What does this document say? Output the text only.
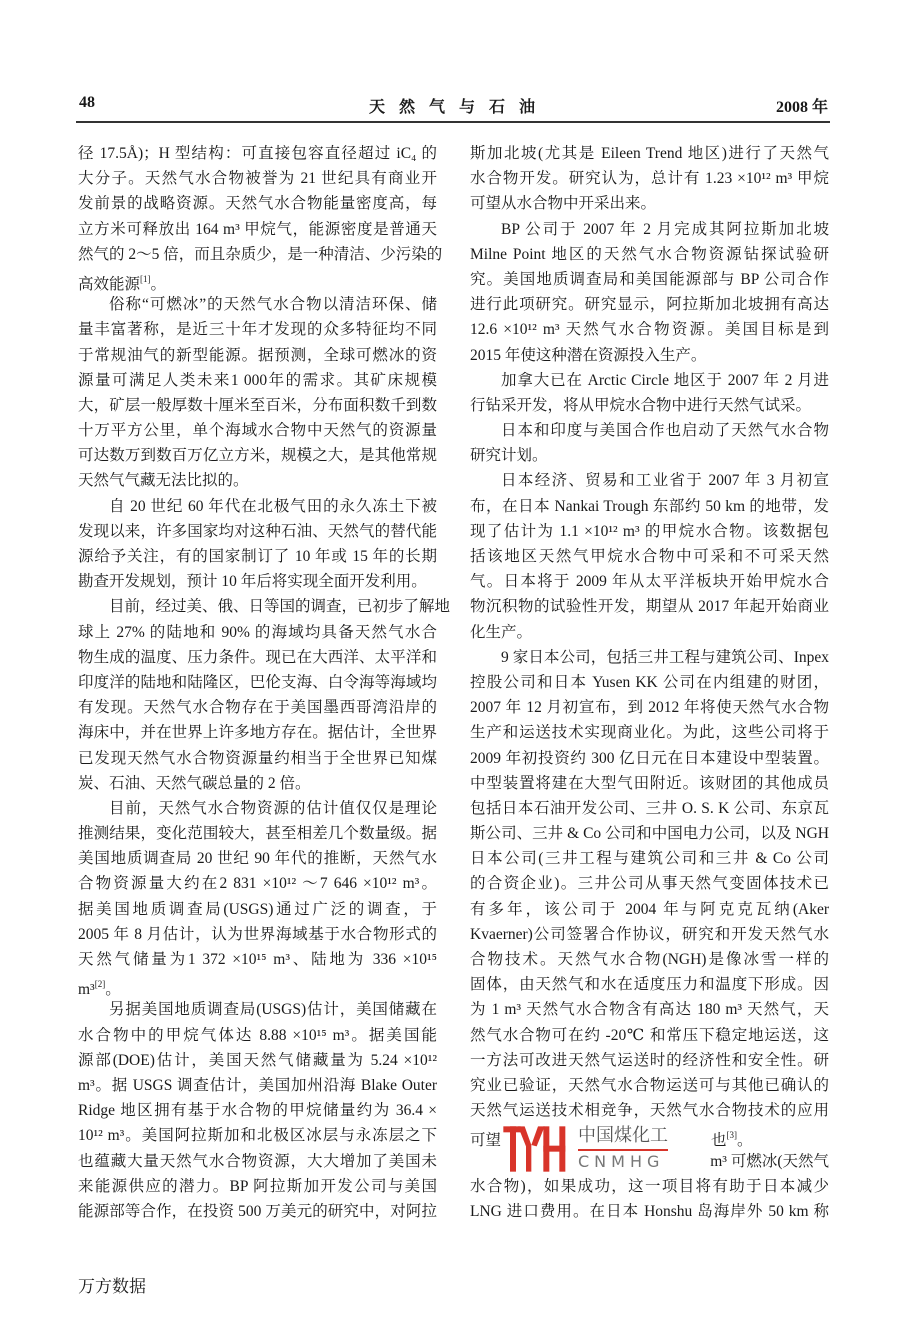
48	天然气与石油	2008 年
径 17.5Å)；H 型结构：可直接包容直径超过 iC₄ 的
大分子。天然气水合物被誉为 21 世纪具有商业开
发前景的战略资源。天然气水合物能量密度高，每
立方米可释放出 164 m³ 甲烷气，能源密度是普通天
然气的 2～5 倍，而且杂质少，是一种清洁、少污染的
高效能源[1]。
俗称“可燃冰”的天然气水合物以清洁环保、储
量丰富著称，是近三十年才发现的众多特征均不同
于常规油气的新型能源。据预测，全球可燃冰的资
源量可满足人类未来1 000年的需求。其矿床规模
大，矿层一般厚数十厘米至百米，分布面积数千到数
十万平方公里，单个海域水合物中天然气的资源量
可达数万到数百万亿立方米，规模之大，是其他常规
天然气气藏无法比拟的。
自 20 世纪 60 年代在北极气田的永久冻土下被
发现以来，许多国家均对这种石油、天然气的替代能
源给予关注，有的国家制订了 10 年或 15 年的长期
勘查开发规划，预计 10 年后将实现全面开发利用。
目前，经过美、俄、日等国的调查，已初步了解地
球上 27% 的陆地和 90% 的海域均具备天然气水合
物生成的温度、压力条件。现已在大西洋、太平洋和
印度洋的陆地和陆隆区，巴伦支海、白令海等海域均
有发现。天然气水合物存在于美国墨西哥湾沿岸的
海床中，并在世界上许多地方存在。据估计，全世界
已发现天然气水合物资源量约相当于全世界已知煤
炭、石油、天然气碳总量的 2 倍。
目前，天然气水合物资源的估计值仅仅是理论
推测结果，变化范围较大，甚至相差几个数量级。据
美国地质调查局 20 世纪 90 年代的推断，天然气水
合物资源量大约在2 831 ×10¹² ～7 646 ×10¹² m³。
据美国地质调查局(USGS)通过广泛的调查，于
2005 年 8 月估计，认为世界海域基于水合物形式的
天然气储量为1 372 ×10¹⁵ m³、陆地为 336 ×10¹⁵
m³[2]。
另据美国地质调查局(USGS)估计，美国储藏在
水合物中的甲烷气体达 8.88 ×10¹⁵ m³。据美国能
源部(DOE)估计，美国天然气储藏量为 5.24 ×10¹²
m³。据 USGS 调查估计，美国加州沿海 Blake Outer
Ridge 地区拥有基于水合物的甲烷储量约为 36.4 ×
10¹² m³。美国阿拉斯加和北极区冰层与永冻层之下
也蕴藏大量天然气水合物资源，大大增加了美国未
来能源供应的潜力。BP 阿拉斯加开发公司与美国
能源部等合作，在投资 500 万美元的研究中，对阿拉
斯加北坡(尤其是 Eileen Trend 地区)进行了天然气
水合物开发。研究认为，总计有 1.23 ×10¹² m³ 甲烷
可望从水合物中开采出来。
BP 公司于 2007 年 2 月完成其阿拉斯加北坡
Milne Point 地区的天然气水合物资源钻探试验研
究。美国地质调查局和美国能源部与 BP 公司合作
进行此项研究。研究显示，阿拉斯加北坡拥有高达
12.6 ×10¹² m³ 天然气水合物资源。美国目标是到
2015 年使这种潜在资源投入生产。
加拿大已在 Arctic Circle 地区于 2007 年 2 月进
行钻采开发，将从甲烷水合物中进行天然气试采。
日本和印度与美国合作也启动了天然气水合物
研究计划。
日本经济、贸易和工业省于 2007 年 3 月初宣
布，在日本 Nankai Trough 东部约 50 km 的地带，发
现了估计为 1.1 ×10¹² m³ 的甲烷水合物。该数据包
括该地区天然气甲烷水合物中可采和不可采天然
气。日本将于 2009 年从太平洋板块开始甲烷水合
物沉积物的试验性开发，期望从 2017 年起开始商业
化生产。
9 家日本公司，包括三井工程与建筑公司、Inpex
控股公司和日本 Yusen KK 公司在内组建的财团，
2007 年 12 月初宣布，到 2012 年将使天然气水合物
生产和运送技术实现商业化。为此，这些公司将于
2009 年初投资约 300 亿日元在日本建设中型装置。
中型装置将建在大型气田附近。该财团的其他成员
包括日本石油开发公司、三井 O. S. K 公司、东京瓦
斯公司、三井 & Co 公司和中国电力公司，以及 NGH
日本公司(三井工程与建筑公司和三井 & Co 公司
的合资企业)。三井公司从事天然气变固体技术已
有多年，该公司于 2004 年与阿克克瓦纳(Aker
Kvaerner)公司签署合作协议，研究和开发天然气水
合物技术。天然气水合物(NGH)是像冰雪一样的
固体，由天然气和水在适度压力和温度下形成。因
为 1 m³ 天然气水合物含有高达 180 m³ 天然气，天
然气水合物可在约 -20℃ 和常压下稳定地运送，这
一方法可改进天然气运送时的经济性和安全性。研
究业已验证，天然气水合物运送可与其他已确认的
天然气运送技术相竞争，天然气水合物技术的应用
可望	也[3]。
m³ 可燃冰(天然气
水合物)，如果成功，这一项目将有助于日本减少
LNG 进口费用。在日本 Honshu 岛海岸外 50 km 称
中国煤化工
CNMHG
万方数据
